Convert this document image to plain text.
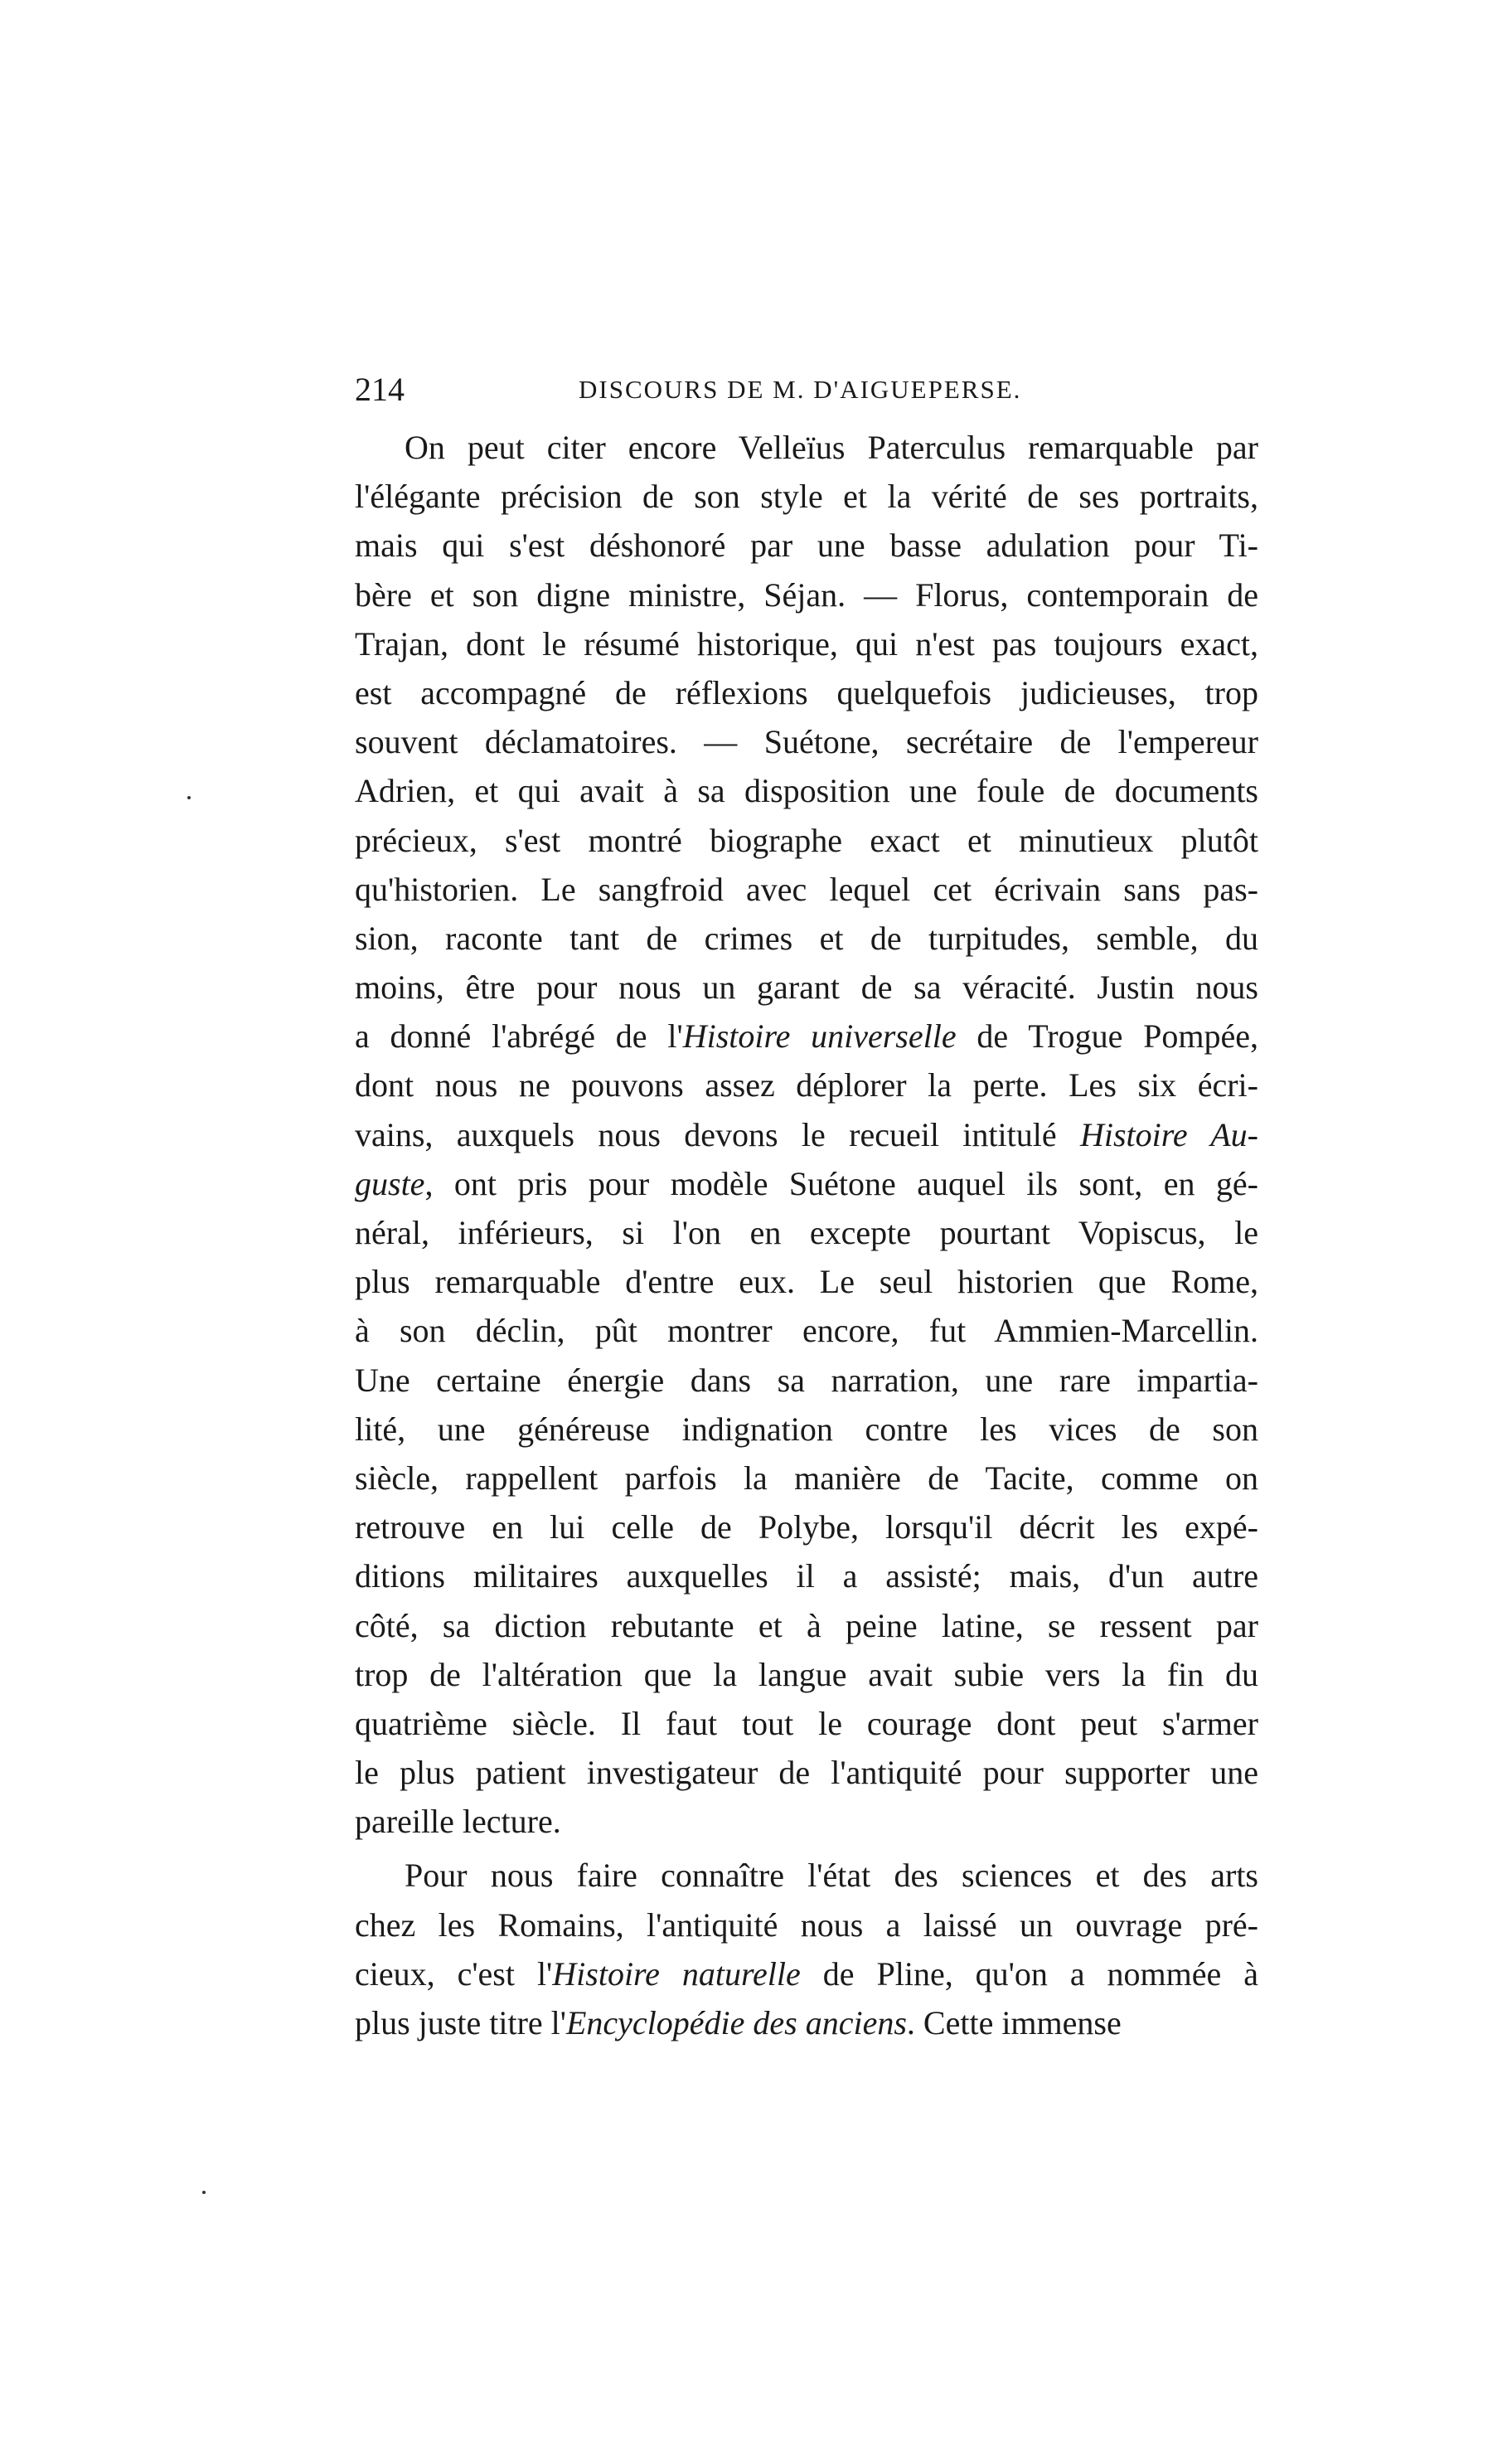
214	DISCOURS DE M. D'AIGUEPERSE.
On peut citer encore Velleïus Paterculus remarquable par
l'élégante précision de son style et la vérité de ses portraits,
mais qui s'est déshonoré par une basse adulation pour Ti-
bère et son digne ministre, Séjan. — Florus, contemporain de
Trajan, dont le résumé historique, qui n'est pas toujours exact,
est accompagné de réflexions quelquefois judicieuses, trop
souvent déclamatoires. — Suétone, secrétaire de l'empereur
Adrien, et qui avait à sa disposition une foule de documents
précieux, s'est montré biographe exact et minutieux plutôt
qu'historien. Le sangfroid avec lequel cet écrivain sans pas-
sion, raconte tant de crimes et de turpitudes, semble, du
moins, être pour nous un garant de sa véracité. Justin nous
a donné l'abrégé de l'Histoire universelle de Trogue Pompée,
dont nous ne pouvons assez déplorer la perte. Les six écri-
vains, auxquels nous devons le recueil intitulé Histoire Au-
guste, ont pris pour modèle Suétone auquel ils sont, en gé-
néral, inférieurs, si l'on en excepte pourtant Vopiscus, le
plus remarquable d'entre eux. Le seul historien que Rome,
à son déclin, pût montrer encore, fut Ammien-Marcellin.
Une certaine énergie dans sa narration, une rare impartia-
lité, une généreuse indignation contre les vices de son
siècle, rappellent parfois la manière de Tacite, comme on
retrouve en lui celle de Polybe, lorsqu'il décrit les expé-
ditions militaires auxquelles il a assisté; mais, d'un autre
côté, sa diction rebutante et à peine latine, se ressent par
trop de l'altération que la langue avait subie vers la fin du
quatrième siècle. Il faut tout le courage dont peut s'armer
le plus patient investigateur de l'antiquité pour supporter une
pareille lecture.
Pour nous faire connaître l'état des sciences et des arts
chez les Romains, l'antiquité nous a laissé un ouvrage pré-
cieux, c'est l'Histoire naturelle de Pline, qu'on a nommée à
plus juste titre l'Encyclopédie des anciens. Cette immense
